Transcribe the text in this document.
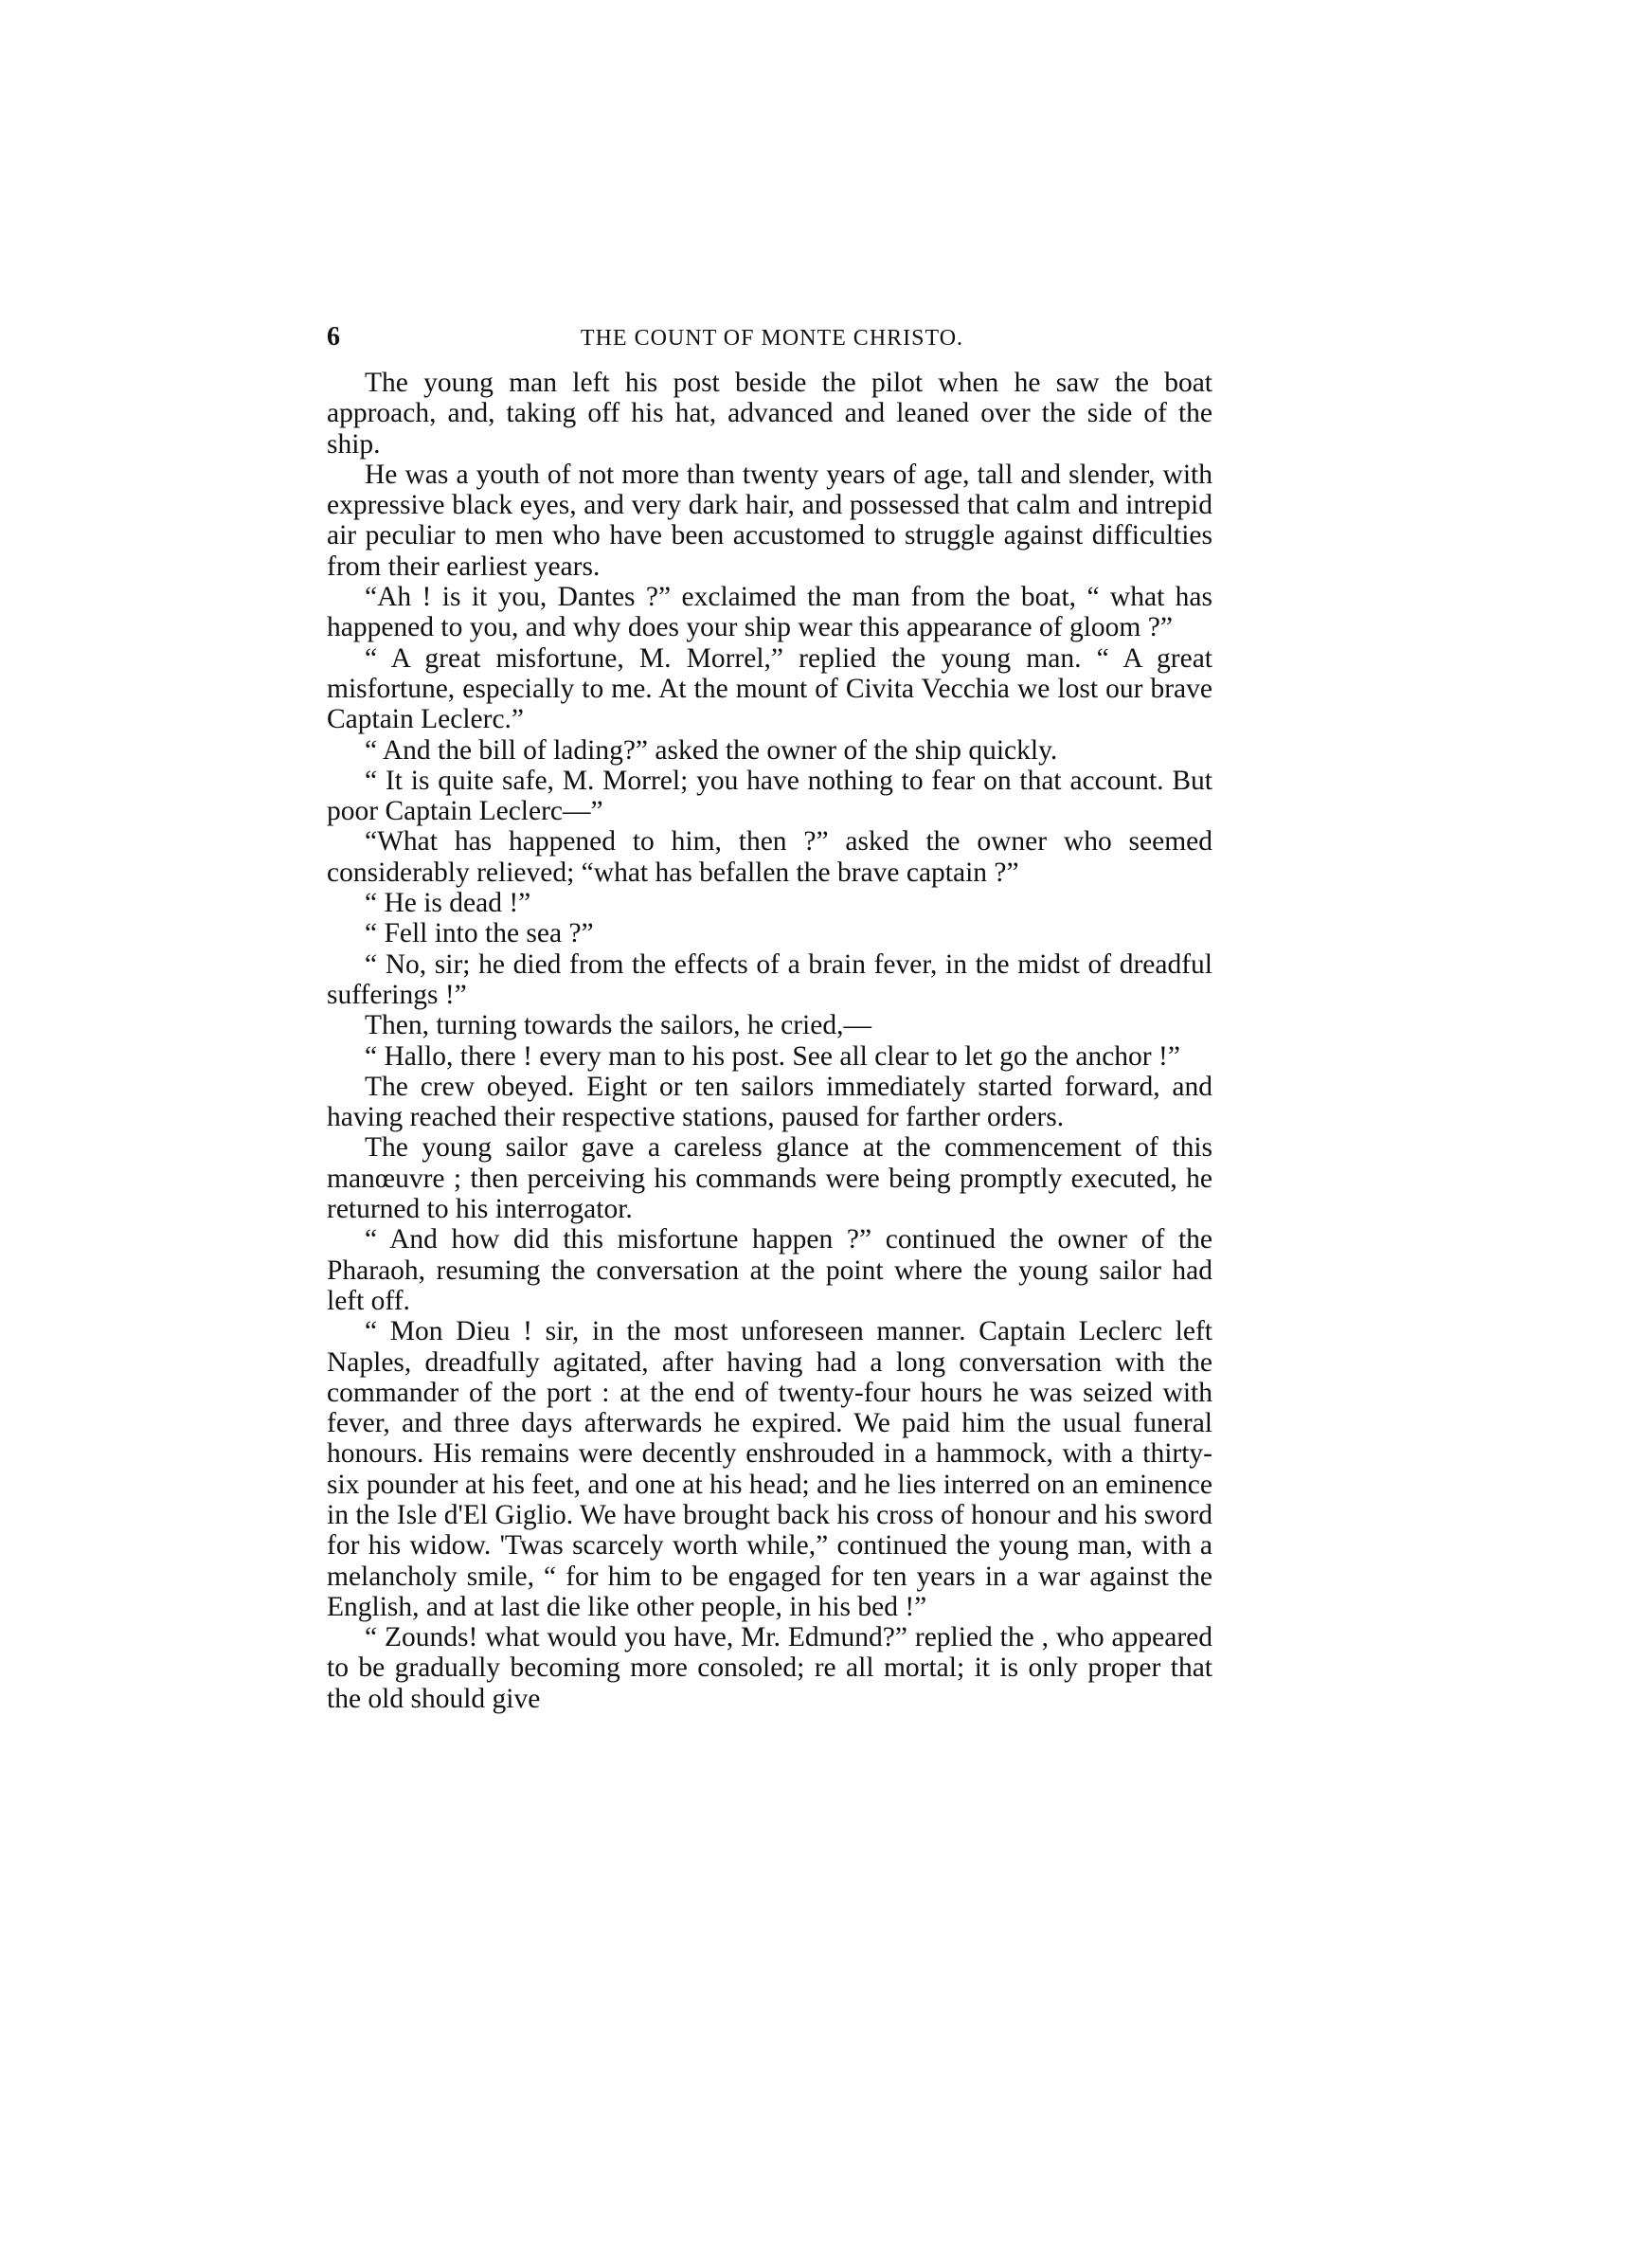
6	THE COUNT OF MONTE CHRISTO.

The young man left his post beside the pilot when he saw the boat approach, and, taking off his hat, advanced and leaned over the side of the ship.

He was a youth of not more than twenty years of age, tall and slender, with expressive black eyes, and very dark hair, and possessed that calm and intrepid air peculiar to men who have been accustomed to struggle against difficulties from their earliest years.

“Ah ! is it you, Dantes ?” exclaimed the man from the boat, “ what has happened to you, and why does your ship wear this appearance of gloom ?”

“ A great misfortune, M. Morrel,” replied the young man. “ A great misfortune, especially to me. At the mount of Civita Vecchia we lost our brave Captain Leclerc.”

“ And the bill of lading?” asked the owner of the ship quickly.

“ It is quite safe, M. Morrel; you have nothing to fear on that account. But poor Captain Leclerc—”

“What has happened to him, then ?” asked the owner who seemed considerably relieved; “what has befallen the brave captain ?”

“ He is dead !”

“ Fell into the sea ?”

“ No, sir; he died from the effects of a brain fever, in the midst of dreadful sufferings !”

Then, turning towards the sailors, he cried,—

“ Hallo, there ! every man to his post. See all clear to let go the anchor !”

The crew obeyed. Eight or ten sailors immediately started forward, and having reached their respective stations, paused for farther orders.

The young sailor gave a careless glance at the commencement of this manœuvre ; then perceiving his commands were being promptly executed, he returned to his interrogator.

“ And how did this misfortune happen ?” continued the owner of the Pharaoh, resuming the conversation at the point where the young sailor had left off.

“ Mon Dieu ! sir, in the most unforeseen manner. Captain Leclerc left Naples, dreadfully agitated, after having had a long conversation with the commander of the port : at the end of twenty-four hours he was seized with fever, and three days afterwards he expired. We paid him the usual funeral honours. His remains were decently enshrouded in a hammock, with a thirty-six pounder at his feet, and one at his head; and he lies interred on an eminence in the Isle d'El Giglio. We have brought back his cross of honour and his sword for his widow. 'Twas scarcely worth while,” continued the young man, with a melancholy smile, “ for him to be engaged for ten years in a war against the English, and at last die like other people, in his bed !”

“ Zounds! what would you have, Mr. Edmund?” replied the , who appeared to be gradually becoming more consoled; re all mortal; it is only proper that the old should give
